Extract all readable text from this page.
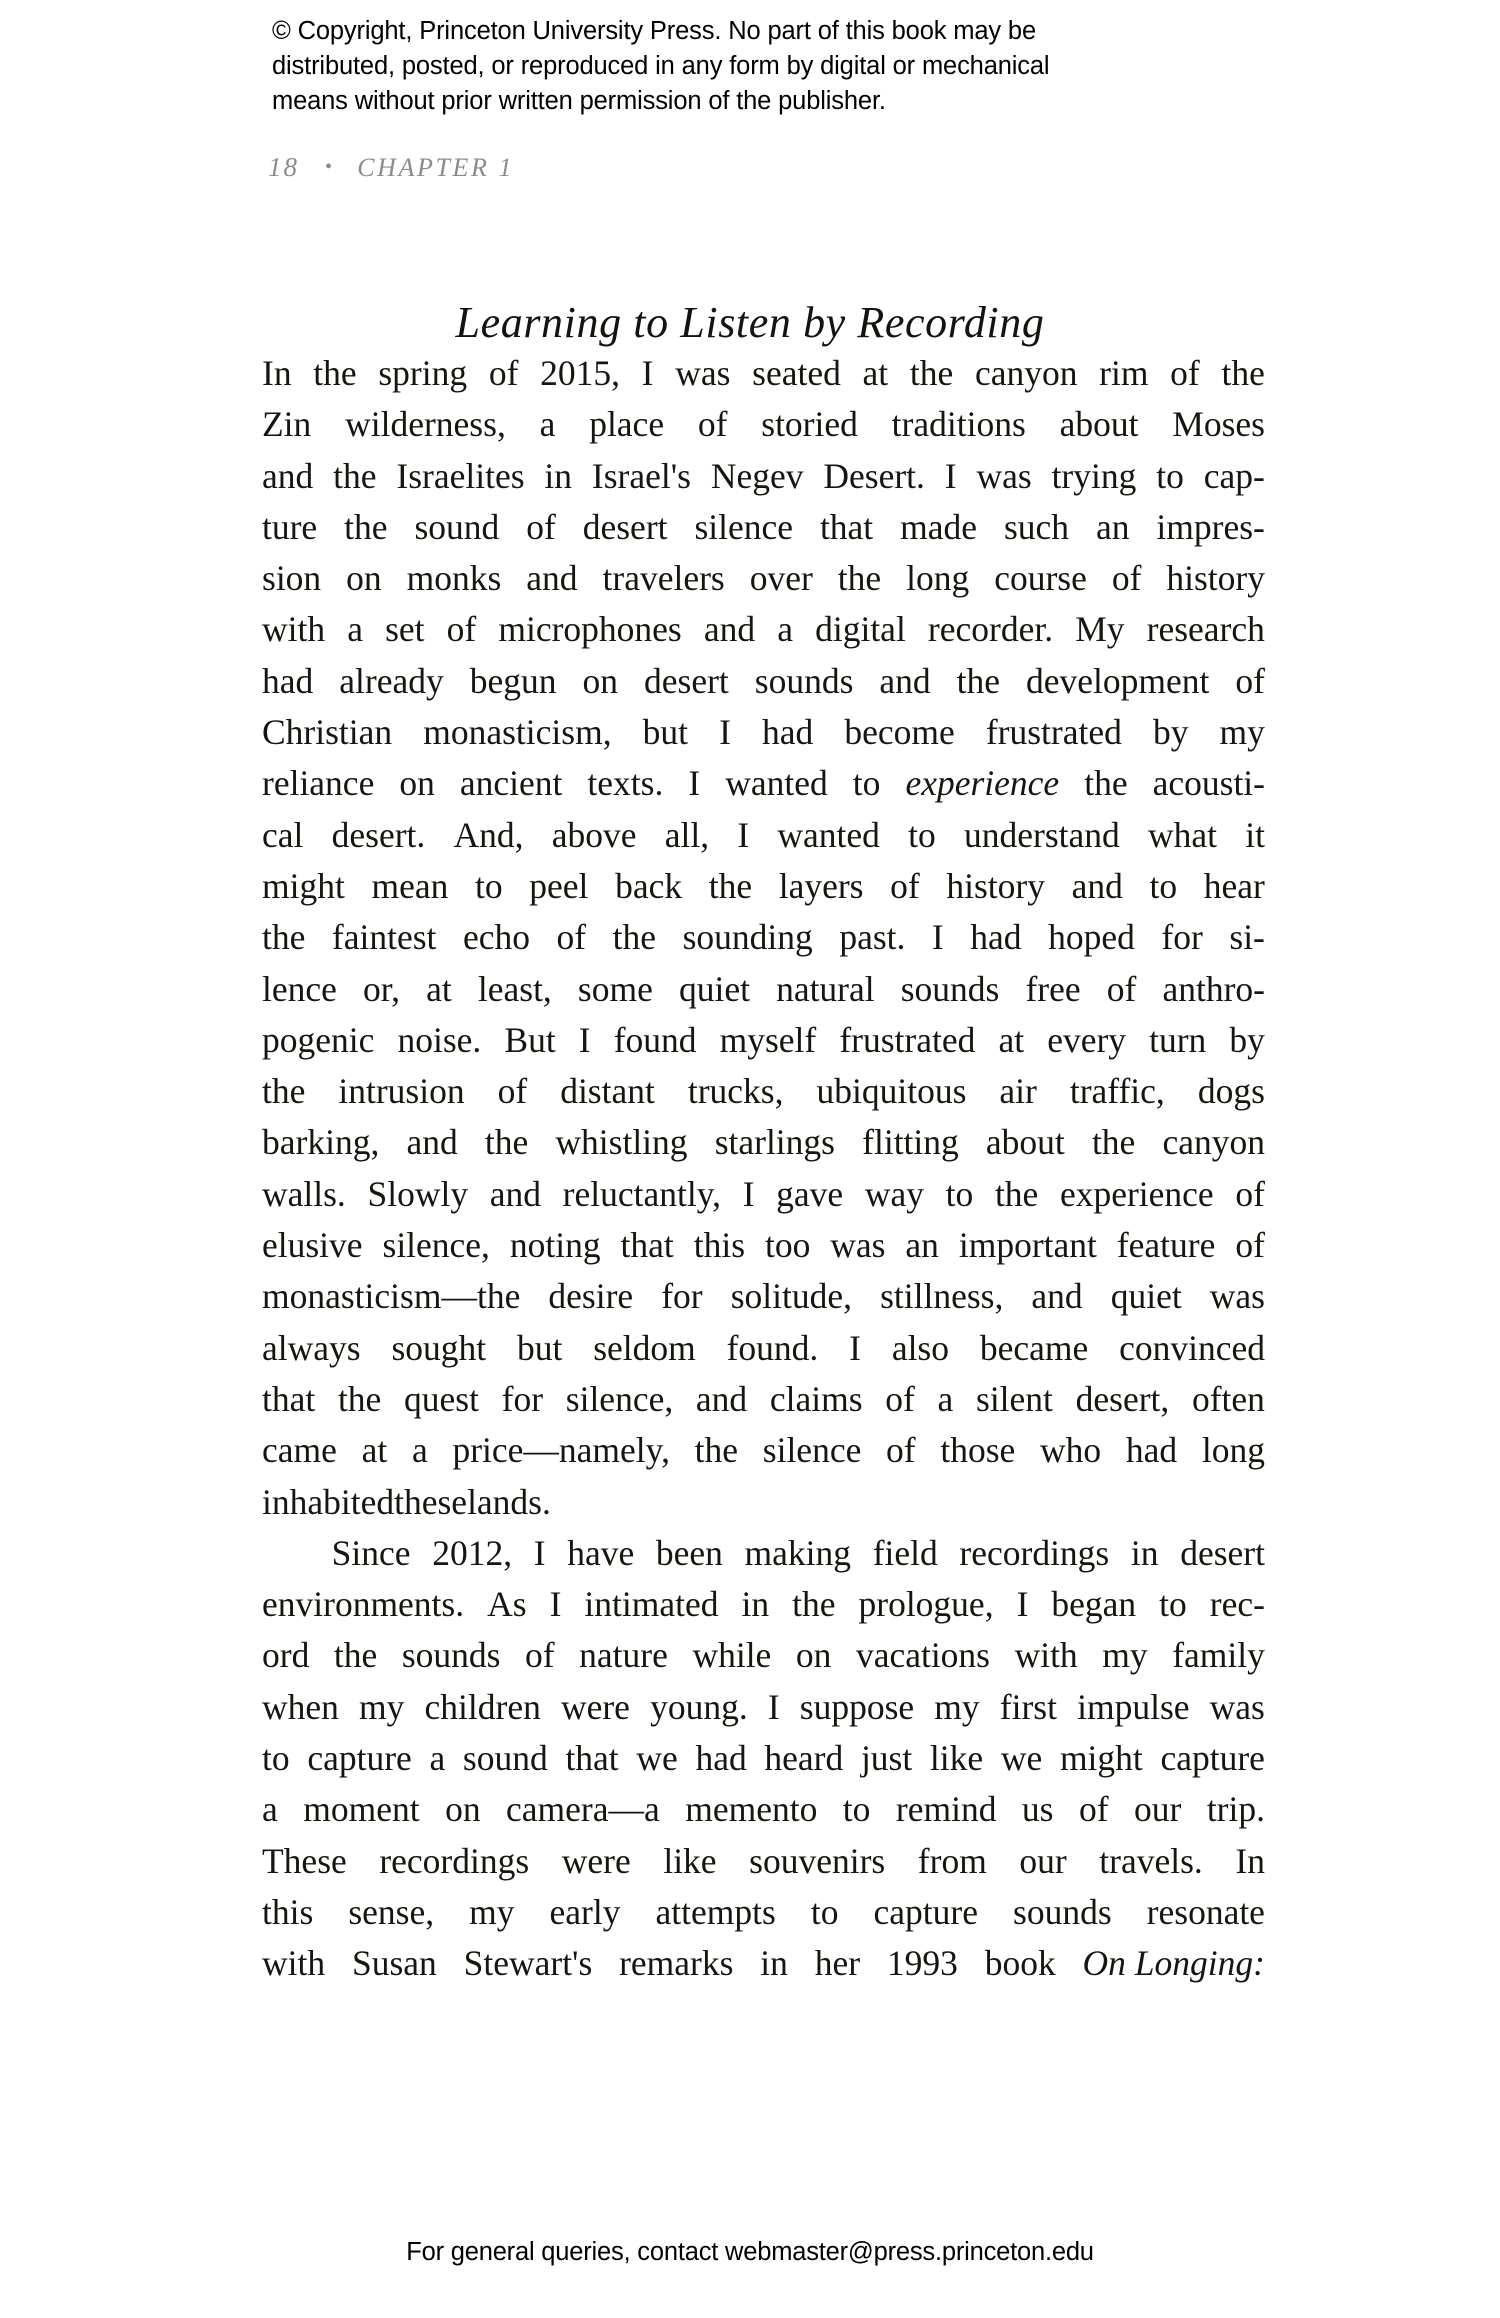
© Copyright, Princeton University Press. No part of this book may be
distributed, posted, or reproduced in any form by digital or mechanical
means without prior written permission of the publisher.
18 • CHAPTER 1
Learning to Listen by Recording
In the spring of 2015, I was seated at the canyon rim of the
Zin wilderness, a place of storied traditions about Moses
and the Israelites in Israel's Negev Desert. I was trying to cap-
ture the sound of desert silence that made such an impres-
sion on monks and travelers over the long course of history
with a set of microphones and a digital recorder. My research
had already begun on desert sounds and the development of
Christian monasticism, but I had become frustrated by my
reliance on ancient texts. I wanted to experience the acousti-
cal desert. And, above all, I wanted to understand what it
might mean to peel back the layers of history and to hear
the faintest echo of the sounding past. I had hoped for si-
lence or, at least, some quiet natural sounds free of anthro-
pogenic noise. But I found myself frustrated at every turn by
the intrusion of distant trucks, ubiquitous air traffic, dogs
barking, and the whistling starlings flitting about the canyon
walls. Slowly and reluctantly, I gave way to the experience of
elusive silence, noting that this too was an important feature of
monasticism—the desire for solitude, stillness, and quiet was
always sought but seldom found. I also became convinced
that the quest for silence, and claims of a silent desert, often
came at a price—namely, the silence of those who had long
inhabited these lands.
Since 2012, I have been making field recordings in desert
environments. As I intimated in the prologue, I began to rec-
ord the sounds of nature while on vacations with my family
when my children were young. I suppose my first impulse was
to capture a sound that we had heard just like we might capture
a moment on camera—a memento to remind us of our trip.
These recordings were like souvenirs from our travels. In
this sense, my early attempts to capture sounds resonate
with Susan Stewart's remarks in her 1993 book On Longing:
For general queries, contact webmaster@press.princeton.edu
